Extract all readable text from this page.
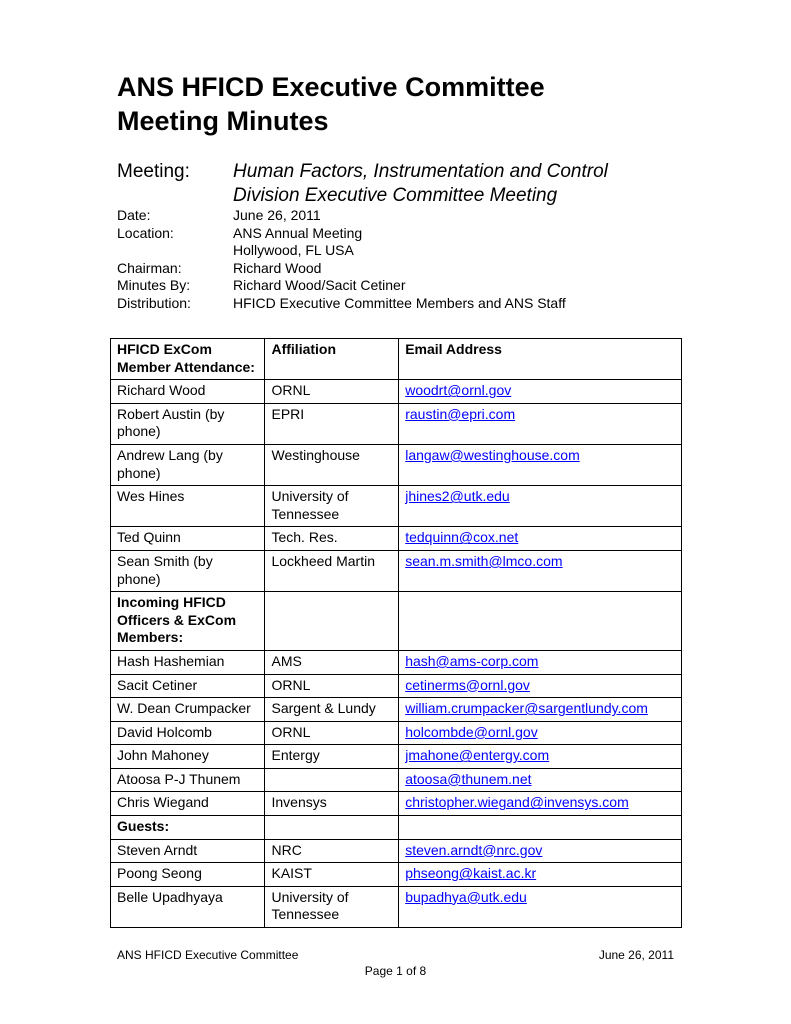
ANS HFICD Executive Committee
Meeting Minutes
Meeting: Human Factors, Instrumentation and Control
Division Executive Committee Meeting
Date:	June 26, 2011
Location:	ANS Annual Meeting
Hollywood, FL USA
Chairman:	Richard Wood
Minutes By:	Richard Wood/Sacit Cetiner
Distribution:	HFICD Executive Committee Members and ANS Staff
HFICD ExCom Member Attendance:	Affiliation	Email Address
Richard Wood	ORNL	woodrt@ornl.gov
Robert Austin (by phone)	EPRI	raustin@epri.com
Andrew Lang (by phone)	Westinghouse	langaw@westinghouse.com
Wes Hines	University of Tennessee	jhines2@utk.edu
Ted Quinn	Tech. Res.	tedquinn@cox.net
Sean Smith (by phone)	Lockheed Martin	sean.m.smith@lmco.com
Incoming HFICD Officers & ExCom Members:		
Hash Hashemian	AMS	hash@ams-corp.com
Sacit Cetiner	ORNL	cetinerms@ornl.gov
W. Dean Crumpacker	Sargent & Lundy	william.crumpacker@sargentlundy.com
David Holcomb	ORNL	holcombde@ornl.gov
John Mahoney	Entergy	jmahone@entergy.com
Atoosa P-J Thunem		atoosa@thunem.net
Chris Wiegand	Invensys	christopher.wiegand@invensys.com
Guests:		
Steven Arndt	NRC	steven.arndt@nrc.gov
Poong Seong	KAIST	phseong@kaist.ac.kr
Belle Upadhyaya	University of Tennessee	bupadhya@utk.edu
ANS HFICD Executive Committee	June 26, 2011
Page 1 of 8
